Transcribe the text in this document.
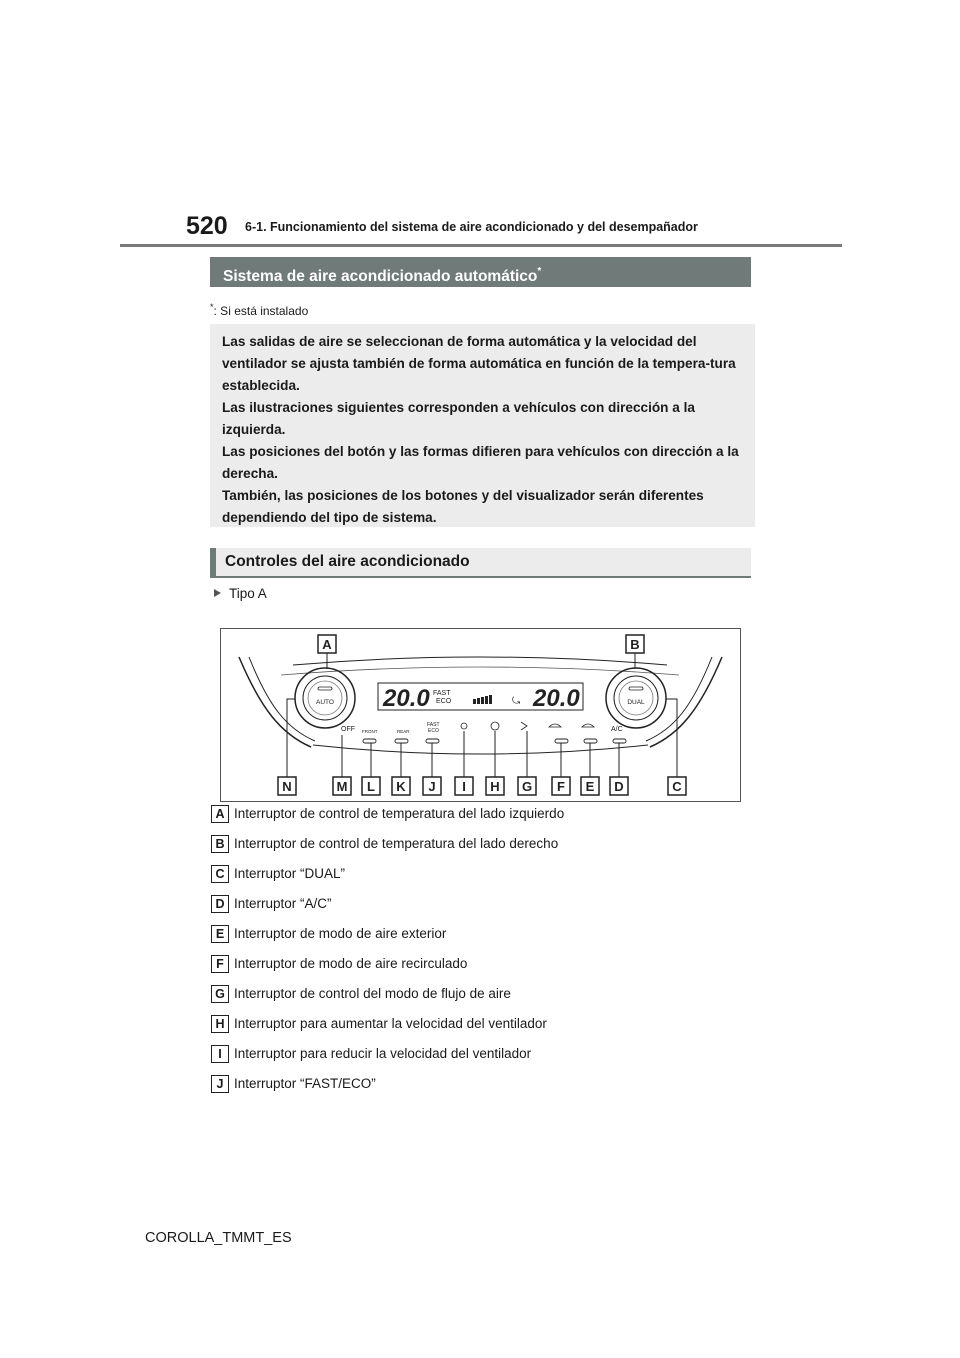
520 6-1. Funcionamiento del sistema de aire acondicionado y del desempañador
Sistema de aire acondicionado automático*
*: Si está instalado

Las salidas de aire se seleccionan de forma automática y la velocidad del ventilador se ajusta también de forma automática en función de la tempera-tura establecida.

Las ilustraciones siguientes corresponden a vehículos con dirección a la izquierda.

Las posiciones del botón y las formas difieren para vehículos con dirección a la derecha.

También, las posiciones de los botones y del visualizador serán diferentes dependiendo del tipo de sistema.

Controles del aire acondicionado
Tipo A
AUTO	DUAL
20.0 FAST
ECO	⤿ 20.0
OFF FRONT	REAR
FAST
ECO	A/C
A	B
N	M L K J I H G F E D	C
A Interruptor de control de temperatura del lado izquierdo
B Interruptor de control de temperatura del lado derecho
C Interruptor “DUAL”
D Interruptor “A/C”
E Interruptor de modo de aire exterior
F Interruptor de modo de aire recirculado
G Interruptor de control del modo de flujo de aire
H Interruptor para aumentar la velocidad del ventilador
I Interruptor para reducir la velocidad del ventilador
J Interruptor “FAST/ECO”
COROLLA_TMMT_ES
